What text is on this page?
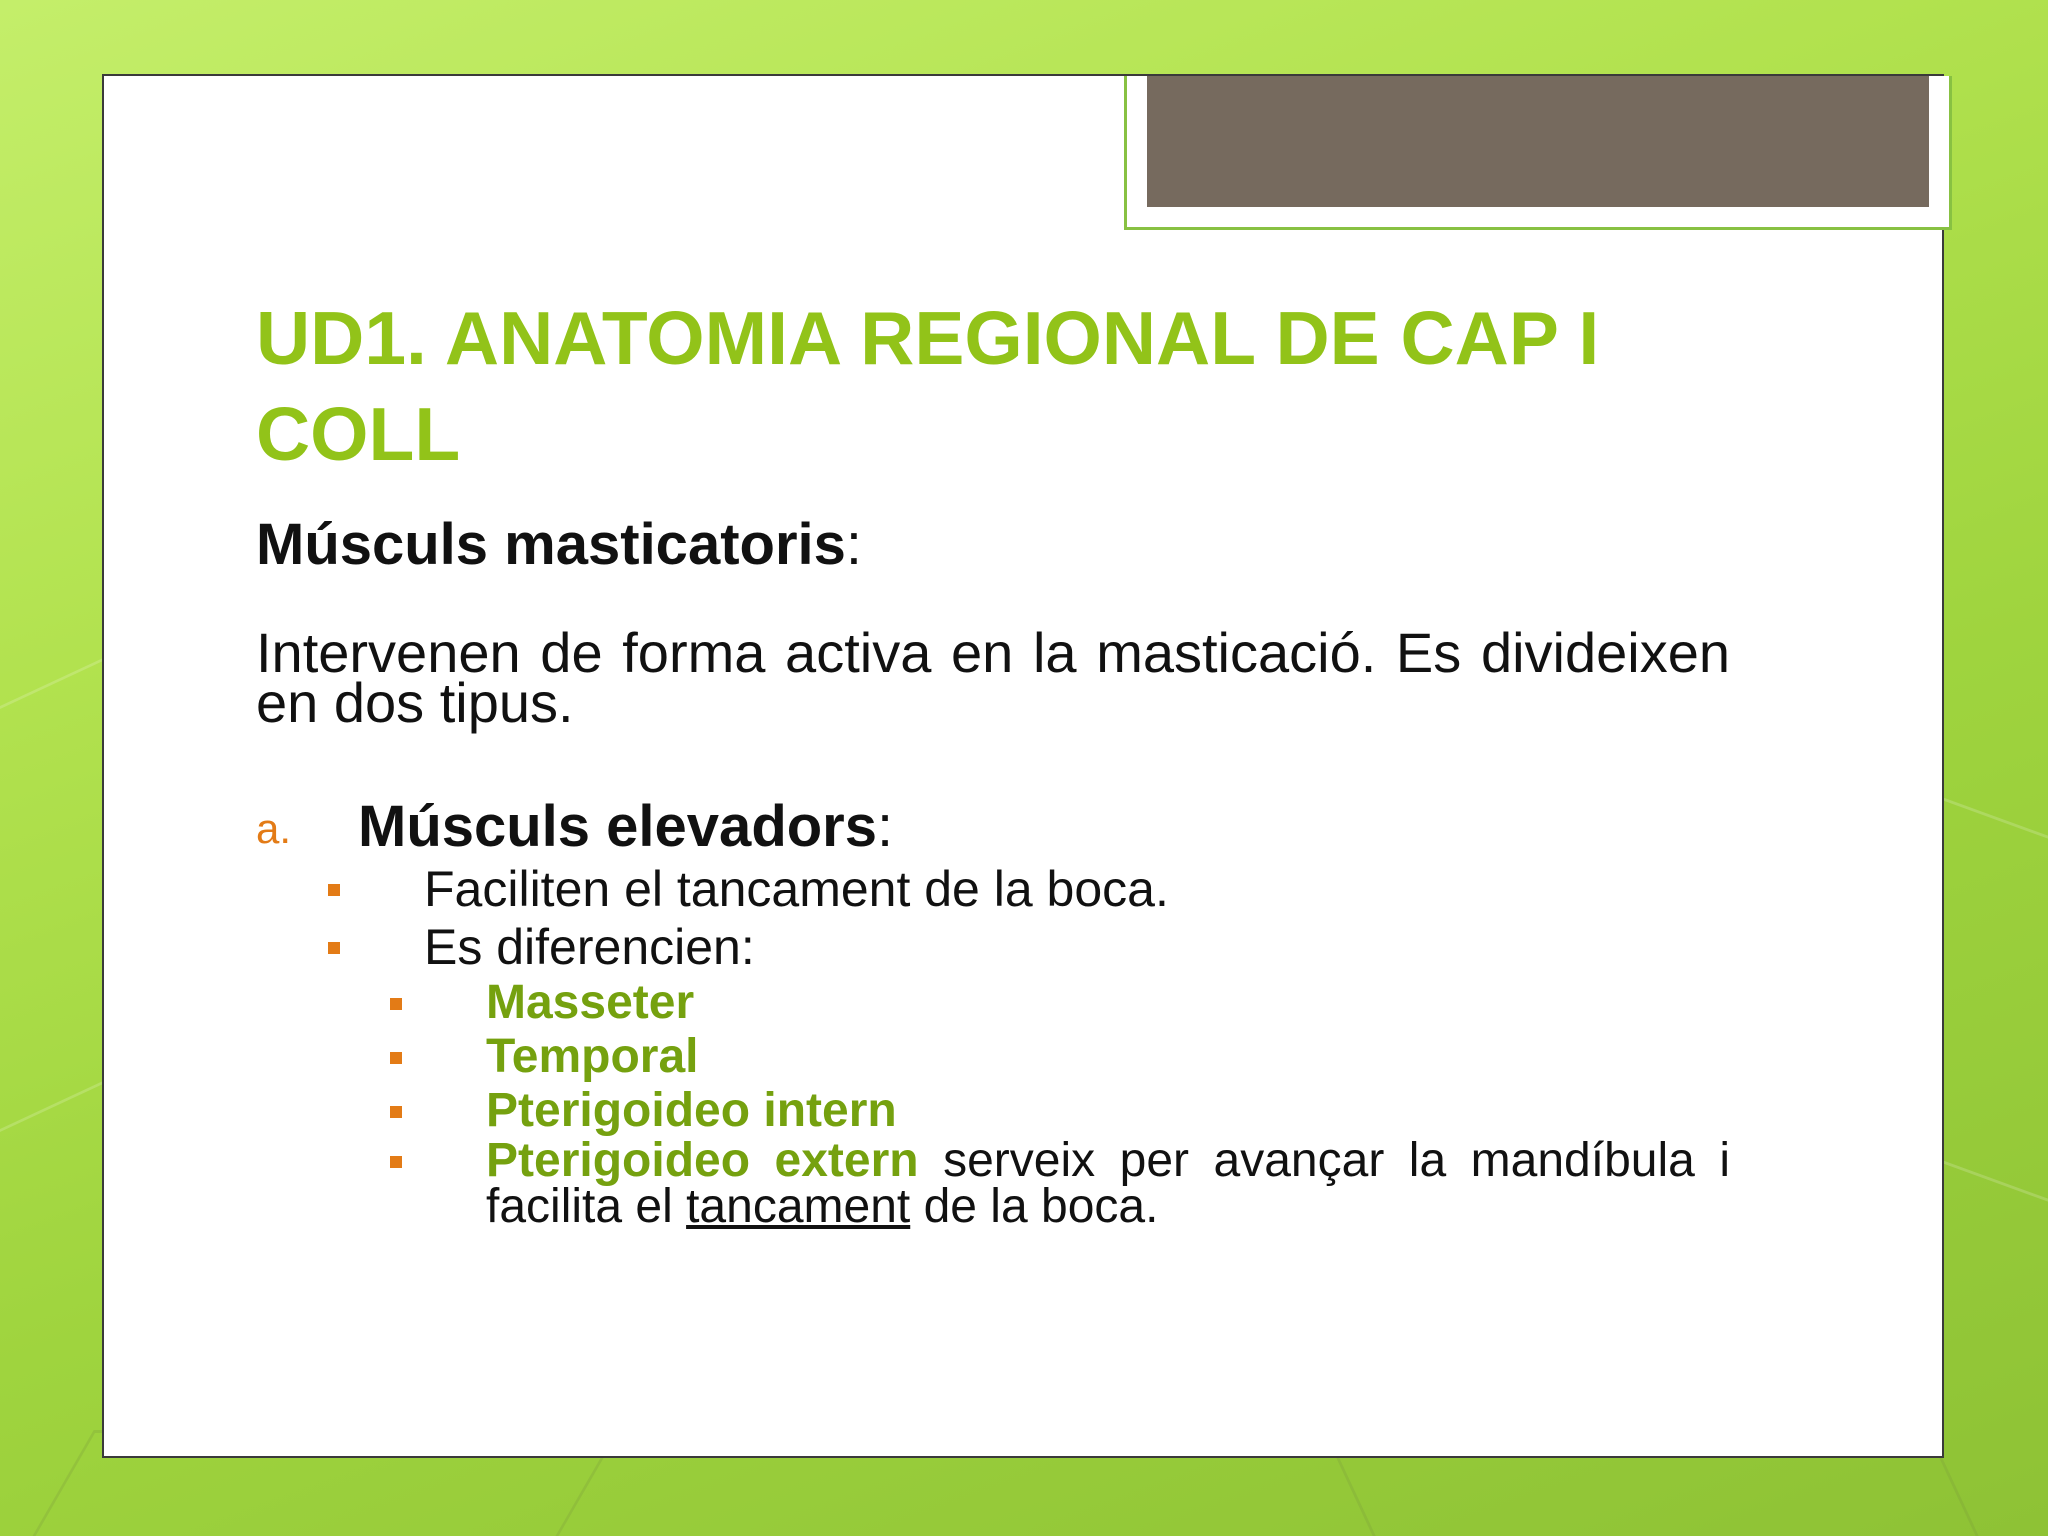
UD1. ANATOMIA REGIONAL DE CAP I COLL

Músculs masticatoris:

Intervenen de forma activa en la masticació. Es divideixen en dos tipus.

a. Músculs elevadors:
Faciliten el tancament de la boca.
Es diferencien:
Masseter
Temporal
Pterigoideo intern
Pterigoideo extern serveix per avançar la mandíbula i facilita el tancament de la boca.
